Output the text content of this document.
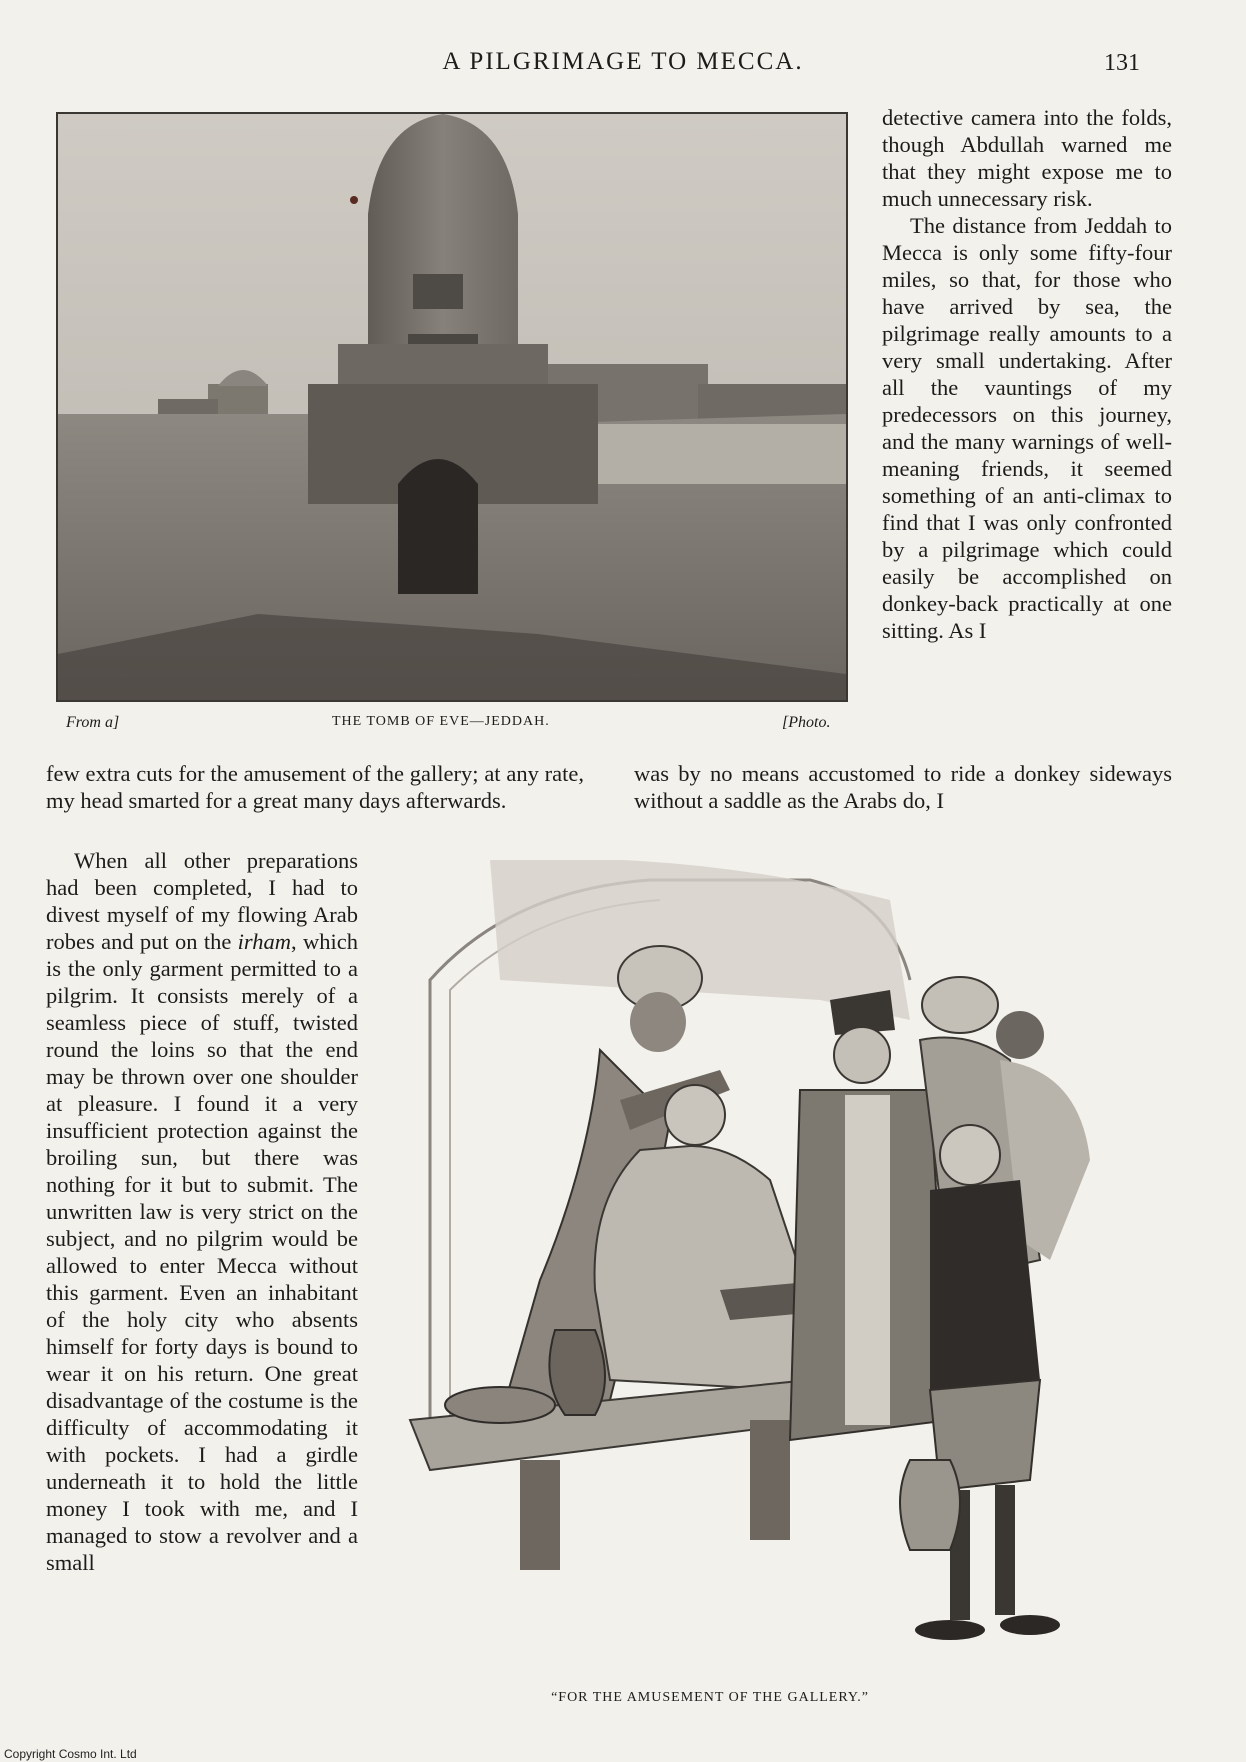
A PILGRIMAGE TO MECCA.	131
From a]	THE TOMB OF EVE—JEDDAH.	[Photo.

detective camera into the folds, though Abdullah warned me that they might expose me to much unnecessary risk.

The distance from Jeddah to Mecca is only some fifty-four miles, so that, for those who have arrived by sea, the pilgrimage really amounts to a very small undertaking. After all the vauntings of my predecessors on this journey, and the many warnings of well-meaning friends, it seemed something of an anti-climax to find that I was only confronted by a pilgrimage which could easily be accomplished on donkey-back practically at one sitting. As I

few extra cuts for the amusement of the gallery; at any rate, my head smarted for a great many days afterwards.
was by no means accustomed to ride a donkey sideways without a saddle as the Arabs do, I

When all other preparations had been completed, I had to divest myself of my flowing Arab robes and put on the irham, which is the only garment permitted to a pilgrim. It consists merely of a seamless piece of stuff, twisted round the loins so that the end may be thrown over one shoulder at pleasure. I found it a very insufficient protection against the broiling sun, but there was nothing for it but to submit. The unwritten law is very strict on the subject, and no pilgrim would be allowed to enter Mecca without this garment. Even an inhabitant of the holy city who absents himself for forty days is bound to wear it on his return. One great disadvantage of the costume is the difficulty of accommodating it with pockets. I had a girdle underneath it to hold the little money I took with me, and I managed to stow a revolver and a small

“FOR THE AMUSEMENT OF THE GALLERY.”
Copyright Cosmo Int. Ltd
